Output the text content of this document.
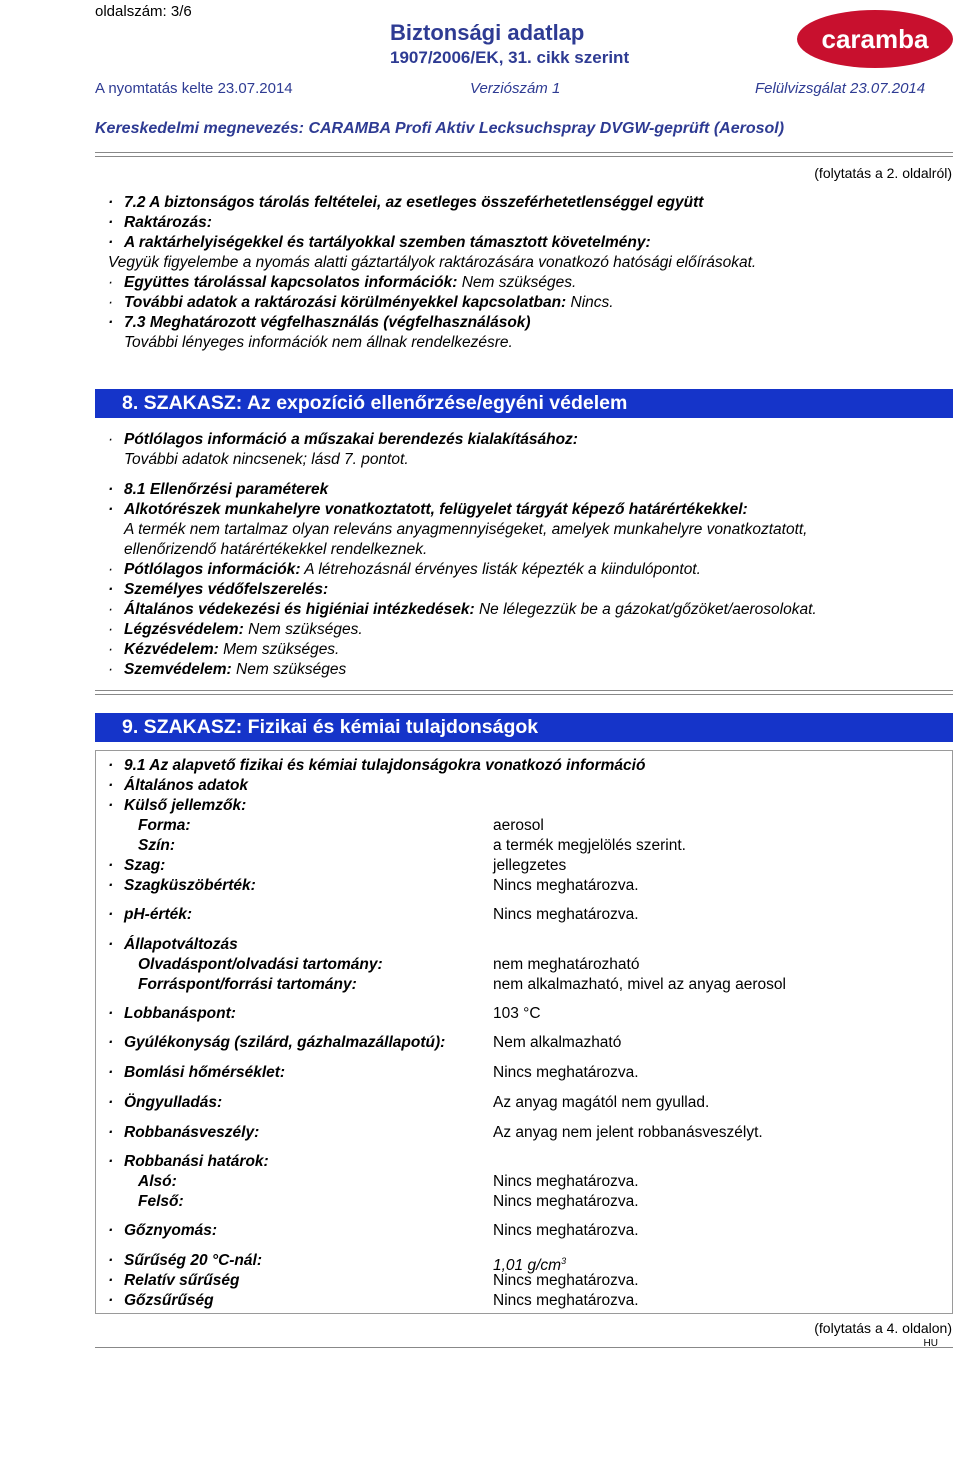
oldalszám: 3/6
Biztonsági adatlap
1907/2006/EK, 31. cikk szerint
caramba
A nyomtatás kelte 23.07.2014	Verziószám 1	Felülvizsgálat 23.07.2014
Kereskedelmi megnevezés: CARAMBA Profi Aktiv Lecksuchspray DVGW-geprüft (Aerosol)
(folytatás a 2. oldalról)
· 7.2 A biztonságos tárolás feltételei, az esetleges összeférhetetlenséggel együtt
· Raktározás:
· A raktárhelyiségekkel és tartályokkal szemben támasztott követelmény:
Vegyük figyelembe a nyomás alatti gáztartályok raktározására vonatkozó hatósági előírásokat.
· Együttes tárolással kapcsolatos információk: Nem szükséges.
· További adatok a raktározási körülményekkel kapcsolatban: Nincs.
· 7.3 Meghatározott végfelhasználás (végfelhasználások)
További lényeges információk nem állnak rendelkezésre.
8. SZAKASZ: Az expozíció ellenőrzése/egyéni védelem
· Pótlólagos információ a műszakai berendezés kialakításához:
További adatok nincsenek; lásd 7. pontot.
· 8.1 Ellenőrzési paraméterek
· Alkotórészek munkahelyre vonatkoztatott, felügyelet tárgyát képező határértékekkel:
A termék nem tartalmaz olyan releváns anyagmennyiségeket, amelyek munkahelyre vonatkoztatott,
ellenőrizendő határértékekkel rendelkeznek.
· Pótlólagos információk: A létrehozásnál érvényes listák képezték a kiindulópontot.
· Személyes védőfelszerelés:
· Általános védekezési és higiéniai intézkedések: Ne lélegezzük be a gázokat/gőzöket/aerosolokat.
· Légzésvédelem: Nem szükséges.
· Kézvédelem: Mem szükséges.
· Szemvédelem: Nem szükséges
9. SZAKASZ: Fizikai és kémiai tulajdonságok
· 9.1 Az alapvető fizikai és kémiai tulajdonságokra vonatkozó információ
· Általános adatok
· Külső jellemzők:
Forma:	aerosol
Szín:	a termék megjelölés szerint.
· Szag:	jellegzetes
· Szagküszöbérték:	Nincs meghatározva.
· pH-érték:	Nincs meghatározva.
· Állapotváltozás
Olvadáspont/olvadási tartomány:	nem meghatározható
Forráspont/forrási tartomány:	nem alkalmazható, mivel az anyag aerosol
· Lobbanáspont:	103 °C
· Gyúlékonyság (szilárd, gázhalmazállapotú):	Nem alkalmazható
· Bomlási hőmérséklet:	Nincs meghatározva.
· Öngyulladás:	Az anyag magától nem gyullad.
· Robbanásveszély:	Az anyag nem jelent robbanásveszélyt.
· Robbanási határok:
Alsó:	Nincs meghatározva.
Felső:	Nincs meghatározva.
· Gőznyomás:	Nincs meghatározva.
· Sűrűség 20 °C-nál:	1,01 $g/cm^3$
· Relatív sűrűség	Nincs meghatározva.
· Gőzsűrűség	Nincs meghatározva.
(folytatás a 4. oldalon)
HU
